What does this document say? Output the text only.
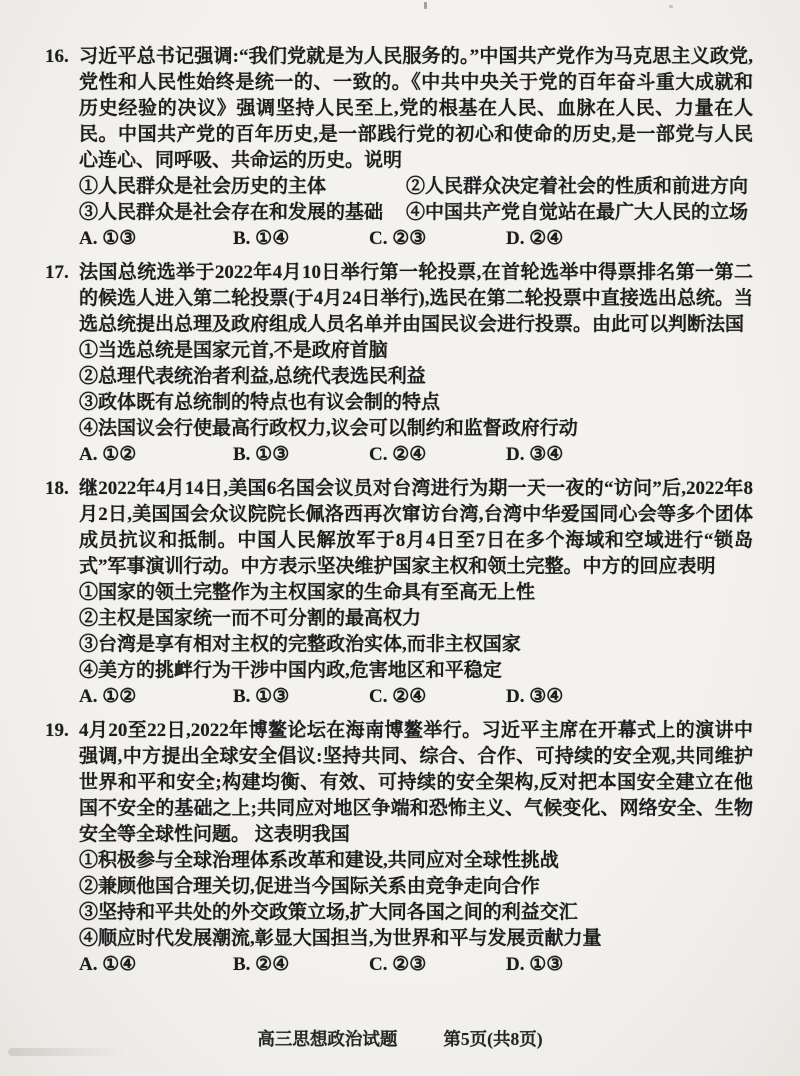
16. 习近平总书记强调:“我们党就是为人民服务的。”中国共产党作为马克思主义政党,党性和人民性始终是统一的、一致的。《中共中央关于党的百年奋斗重大成就和历史经验的决议》强调坚持人民至上,党的根基在人民、血脉在人民、力量在人民。中国共产党的百年历史,是一部践行党的初心和使命的历史,是一部党与人民心连心、同呼吸、共命运的历史。说明
①人民群众是社会历史的主体	②人民群众决定着社会的性质和前进方向
③人民群众是社会存在和发展的基础	④中国共产党自觉站在最广大人民的立场
A. ①③	B. ①④	C. ②③	D. ②④
17. 法国总统选举于2022年4月10日举行第一轮投票,在首轮选举中得票排名第一第二的候选人进入第二轮投票(于4月24日举行),选民在第二轮投票中直接选出总统。当选总统提出总理及政府组成人员名单并由国民议会进行投票。由此可以判断法国
①当选总统是国家元首,不是政府首脑
②总理代表统治者利益,总统代表选民利益
③政体既有总统制的特点也有议会制的特点
④法国议会行使最高行政权力,议会可以制约和监督政府行动
A. ①②	B. ①③	C. ②④	D. ③④
18. 继2022年4月14日,美国6名国会议员对台湾进行为期一天一夜的“访问”后,2022年8月2日,美国国会众议院院长佩洛西再次窜访台湾,台湾中华爱国同心会等多个团体成员抗议和抵制。中国人民解放军于8月4日至7日在多个海域和空域进行“锁岛式”军事演训行动。中方表示坚决维护国家主权和领土完整。中方的回应表明
①国家的领土完整作为主权国家的生命具有至高无上性
②主权是国家统一而不可分割的最高权力
③台湾是享有相对主权的完整政治实体,而非主权国家
④美方的挑衅行为干涉中国内政,危害地区和平稳定
A. ①②	B. ①③	C. ②④	D. ③④
19. 4月20至22日,2022年博鳌论坛在海南博鳌举行。习近平主席在开幕式上的演讲中强调,中方提出全球安全倡议:坚持共同、综合、合作、可持续的安全观,共同维护世界和平和安全;构建均衡、有效、可持续的安全架构,反对把本国安全建立在他国不安全的基础之上;共同应对地区争端和恐怖主义、气候变化、网络安全、生物安全等全球性问题。 这表明我国
①积极参与全球治理体系改革和建设,共同应对全球性挑战
②兼顾他国合理关切,促进当今国际关系由竞争走向合作
③坚持和平共处的外交政策立场,扩大同各国之间的利益交汇
④顺应时代发展潮流,彰显大国担当,为世界和平与发展贡献力量
A. ①④	B. ②④	C. ②③	D. ①③
高三思想政治试题	第5页(共8页)
